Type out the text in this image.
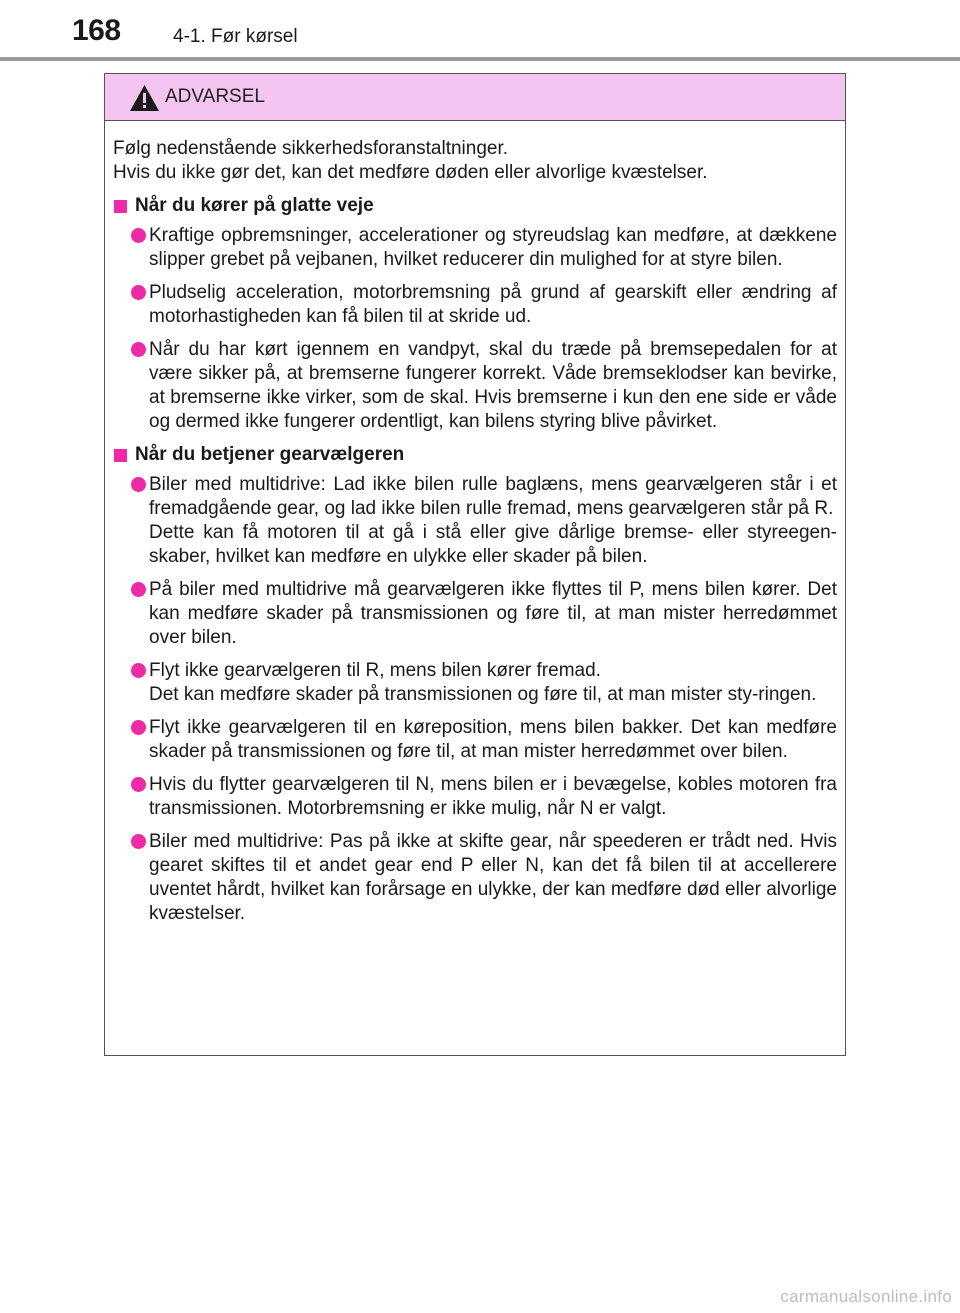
168	4-1. Før kørsel
ADVARSEL

Følg nedenstående sikkerhedsforanstaltninger.

Hvis du ikke gør det, kan det medføre døden eller alvorlige kvæstelser.

Når du kører på glatte veje
Kraftige opbremsninger, accelerationer og styreudslag kan medføre, at dækkene slipper grebet på vejbanen, hvilket reducerer din mulighed for at styre bilen.
Pludselig acceleration, motorbremsning på grund af gearskift eller ændring af motorhastigheden kan få bilen til at skride ud.
Når du har kørt igennem en vandpyt, skal du træde på bremsepedalen for at være sikker på, at bremserne fungerer korrekt. Våde bremseklodser kan bevirke, at bremserne ikke virker, som de skal. Hvis bremserne i kun den ene side er våde og dermed ikke fungerer ordentligt, kan bilens styring blive påvirket.
Når du betjener gearvælgeren
Biler med multidrive: Lad ikke bilen rulle baglæns, mens gearvælgeren står i et fremadgående gear, og lad ikke bilen rulle fremad, mens gearvælgeren står på R.
Dette kan få motoren til at gå i stå eller give dårlige bremse- eller styreegen-skaber, hvilket kan medføre en ulykke eller skader på bilen.
På biler med multidrive må gearvælgeren ikke flyttes til P, mens bilen kører. Det kan medføre skader på transmissionen og føre til, at man mister herredømmet over bilen.
Flyt ikke gearvælgeren til R, mens bilen kører fremad.
Det kan medføre skader på transmissionen og føre til, at man mister sty-ringen.
Flyt ikke gearvælgeren til en køreposition, mens bilen bakker. Det kan medføre skader på transmissionen og føre til, at man mister herredømmet over bilen.
Hvis du flytter gearvælgeren til N, mens bilen er i bevægelse, kobles motoren fra transmissionen. Motorbremsning er ikke mulig, når N er valgt.
Biler med multidrive: Pas på ikke at skifte gear, når speederen er trådt ned. Hvis gearet skiftes til et andet gear end P eller N, kan det få bilen til at accellerere uventet hårdt, hvilket kan forårsage en ulykke, der kan medføre død eller alvorlige kvæstelser.
carmanualsonline.info
